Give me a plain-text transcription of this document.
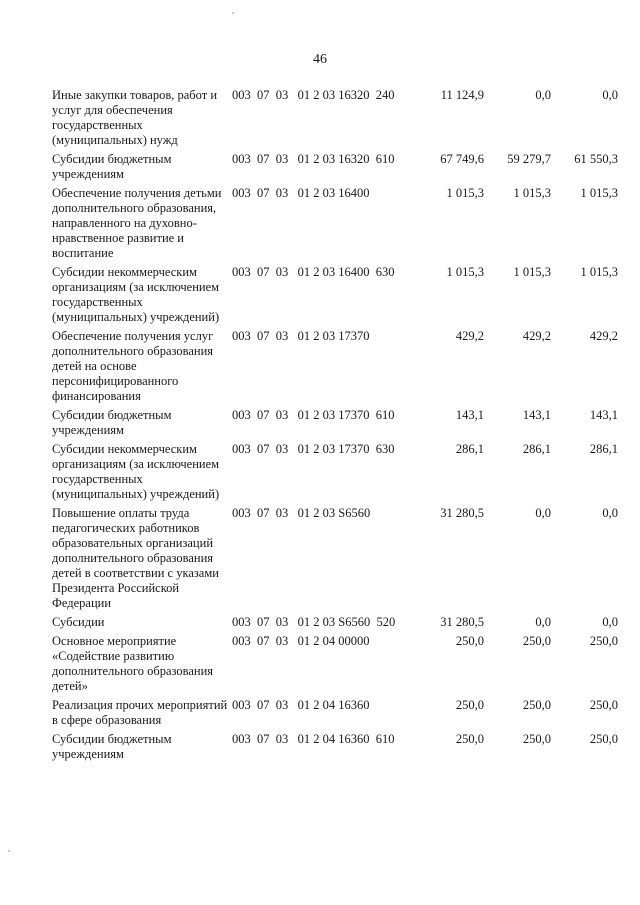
46
Иные закупки товаров, работ и услуг для обеспечения государственных (муниципальных) нужд	003  07  03   01 2 03 16320  240	11 124,9	0,0	0,0
Субсидии бюджетным учреждениям	003  07  03   01 2 03 16320  610	67 749,6	59 279,7	61 550,3
Обеспечение получения детьми дополнительного образования, направленного на духовно-нравственное развитие и воспитание	003  07  03   01 2 03 16400	1 015,3	1 015,3	1 015,3
Субсидии некоммерческим организациям (за исключением государственных (муниципальных) учреждений)	003  07  03   01 2 03 16400  630	1 015,3	1 015,3	1 015,3
Обеспечение получения услуг дополнительного образования детей на основе персонифицированного финансирования	003  07  03   01 2 03 17370	429,2	429,2	429,2
Субсидии бюджетным учреждениям	003  07  03   01 2 03 17370  610	143,1	143,1	143,1
Субсидии некоммерческим организациям (за исключением государственных (муниципальных) учреждений)	003  07  03   01 2 03 17370  630	286,1	286,1	286,1
Повышение оплаты труда педагогических работников образовательных организаций дополнительного образования детей в соответствии с указами Президента Российской Федерации	003  07  03   01 2 03 S6560	31 280,5	0,0	0,0
Субсидии	003  07  03   01 2 03 S6560  520	31 280,5	0,0	0,0
Основное мероприятие «Содействие развитию дополнительного образования детей»	003  07  03   01 2 04 00000	250,0	250,0	250,0
Реализация прочих мероприятий в сфере образования	003  07  03   01 2 04 16360	250,0	250,0	250,0
Субсидии бюджетным учреждениям	003  07  03   01 2 04 16360  610	250,0	250,0	250,0
